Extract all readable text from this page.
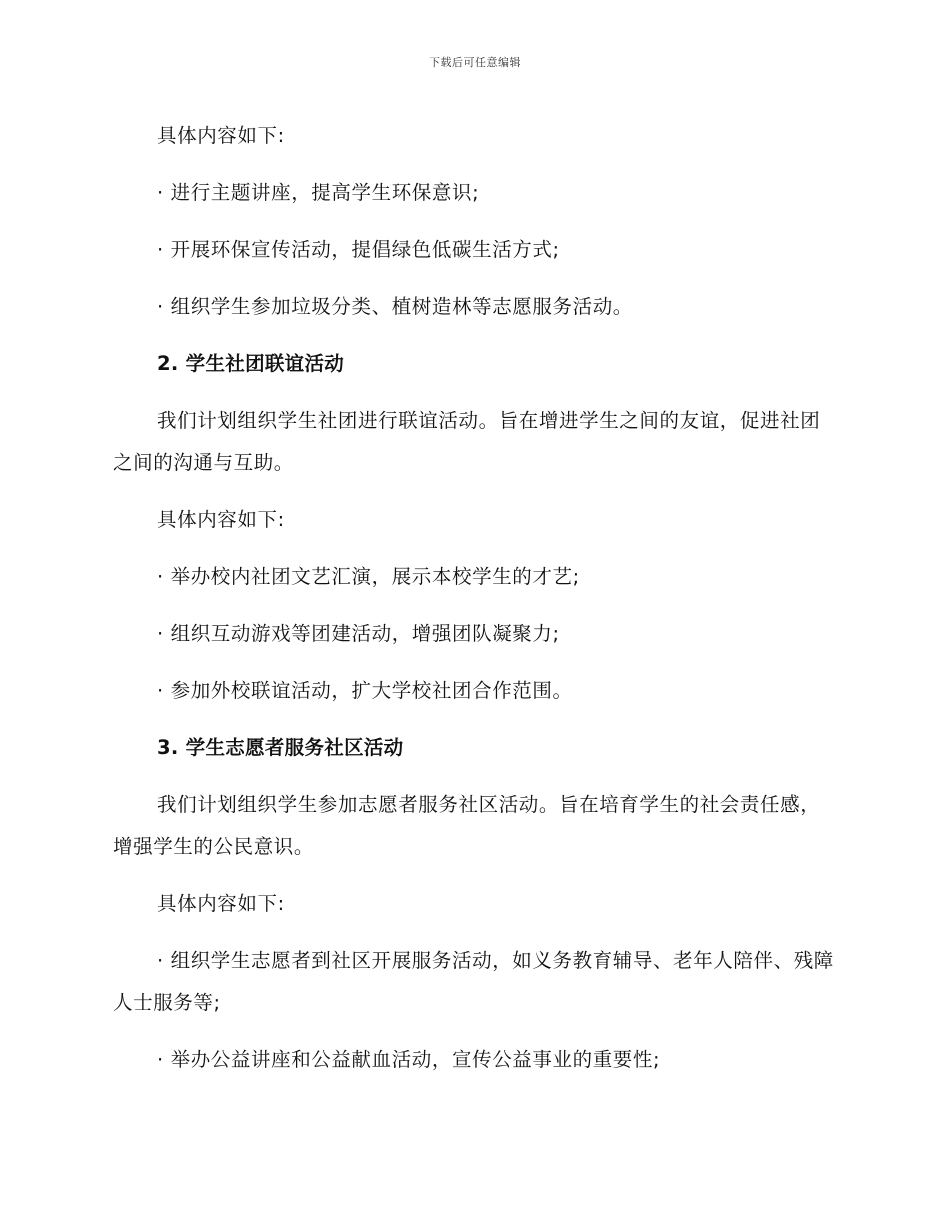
下载后可任意编辑

具体内容如下:

· 进行主题讲座，提高学生环保意识;

· 开展环保宣传活动，提倡绿色低碳生活方式;

· 组织学生参加垃圾分类、植树造林等志愿服务活动。

2. 学生社团联谊活动

我们计划组织学生社团进行联谊活动。旨在增进学生之间的友谊，促进社团之间的沟通与互助。

具体内容如下:

· 举办校内社团文艺汇演，展示本校学生的才艺;

· 组织互动游戏等团建活动，增强团队凝聚力;

· 参加外校联谊活动，扩大学校社团合作范围。

3. 学生志愿者服务社区活动

我们计划组织学生参加志愿者服务社区活动。旨在培育学生的社会责任感，增强学生的公民意识。

具体内容如下:

· 组织学生志愿者到社区开展服务活动，如义务教育辅导、老年人陪伴、残障人士服务等;

· 举办公益讲座和公益献血活动，宣传公益事业的重要性;
